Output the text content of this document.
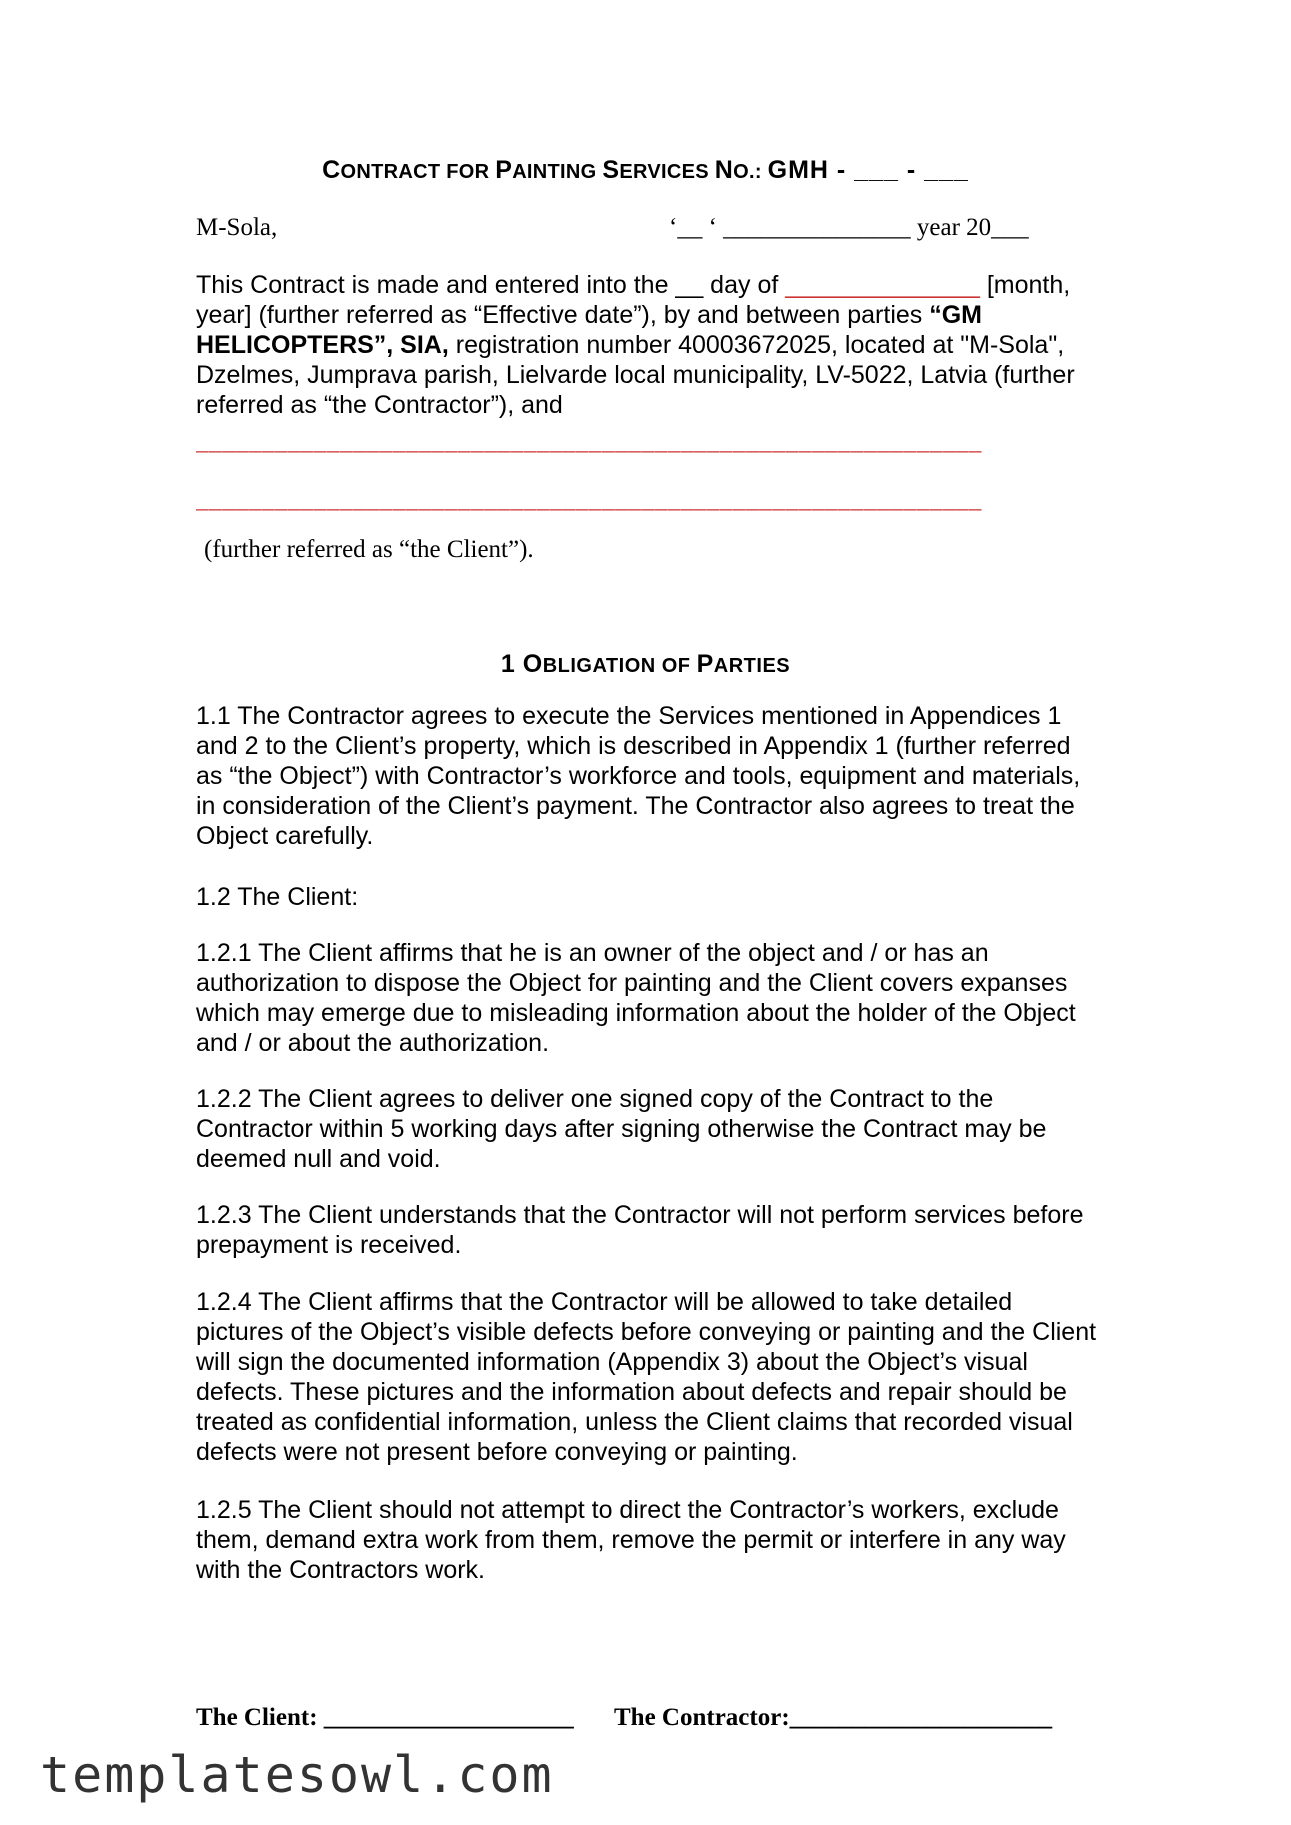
CONTRACT FOR PAINTING SERVICES NO.: GMH - ___ - ___
M-Sola,	‘__ ‘ _______________ year 20___
This Contract is made and entered into the __ day of ______________ [month, year] (further referred as “Effective date”), by and between parties “GM HELICOPTERS”, SIA, registration number 40003672025, located at "M-Sola", Dzelmes, Jumprava parish, Lielvarde local municipality, LV-5022, Latvia (further referred as “the Contractor”), and
____________________________________________________________
____________________________________________________________
(further referred as “the Client”).
1 OBLIGATION OF PARTIES
1.1 The Contractor agrees to execute the Services mentioned in Appendices 1 and 2 to the Client’s property, which is described in Appendix 1 (further referred as “the Object”) with Contractor’s workforce and tools, equipment and materials, in consideration of the Client’s payment. The Contractor also agrees to treat the Object carefully.
1.2 The Client:
1.2.1 The Client affirms that he is an owner of the object and / or has an authorization to dispose the Object for painting and the Client covers expanses which may emerge due to misleading information about the holder of the Object and / or about the authorization.
1.2.2 The Client agrees to deliver one signed copy of the Contract to the Contractor within 5 working days after signing otherwise the Contract may be deemed null and void.
1.2.3 The Client understands that the Contractor will not perform services before prepayment is received.
1.2.4 The Client affirms that the Contractor will be allowed to take detailed pictures of the Object’s visible defects before conveying or painting and the Client will sign the documented information (Appendix 3) about the Object’s visual defects. These pictures and the information about defects and repair should be treated as confidential information, unless the Client claims that recorded visual defects were not present before conveying or painting.
1.2.5 The Client should not attempt to direct the Contractor’s workers, exclude them, demand extra work from them, remove the permit or interfere in any way with the Contractors work.
The Client: ____________________ The Contractor:_____________________
templatesowl.com
